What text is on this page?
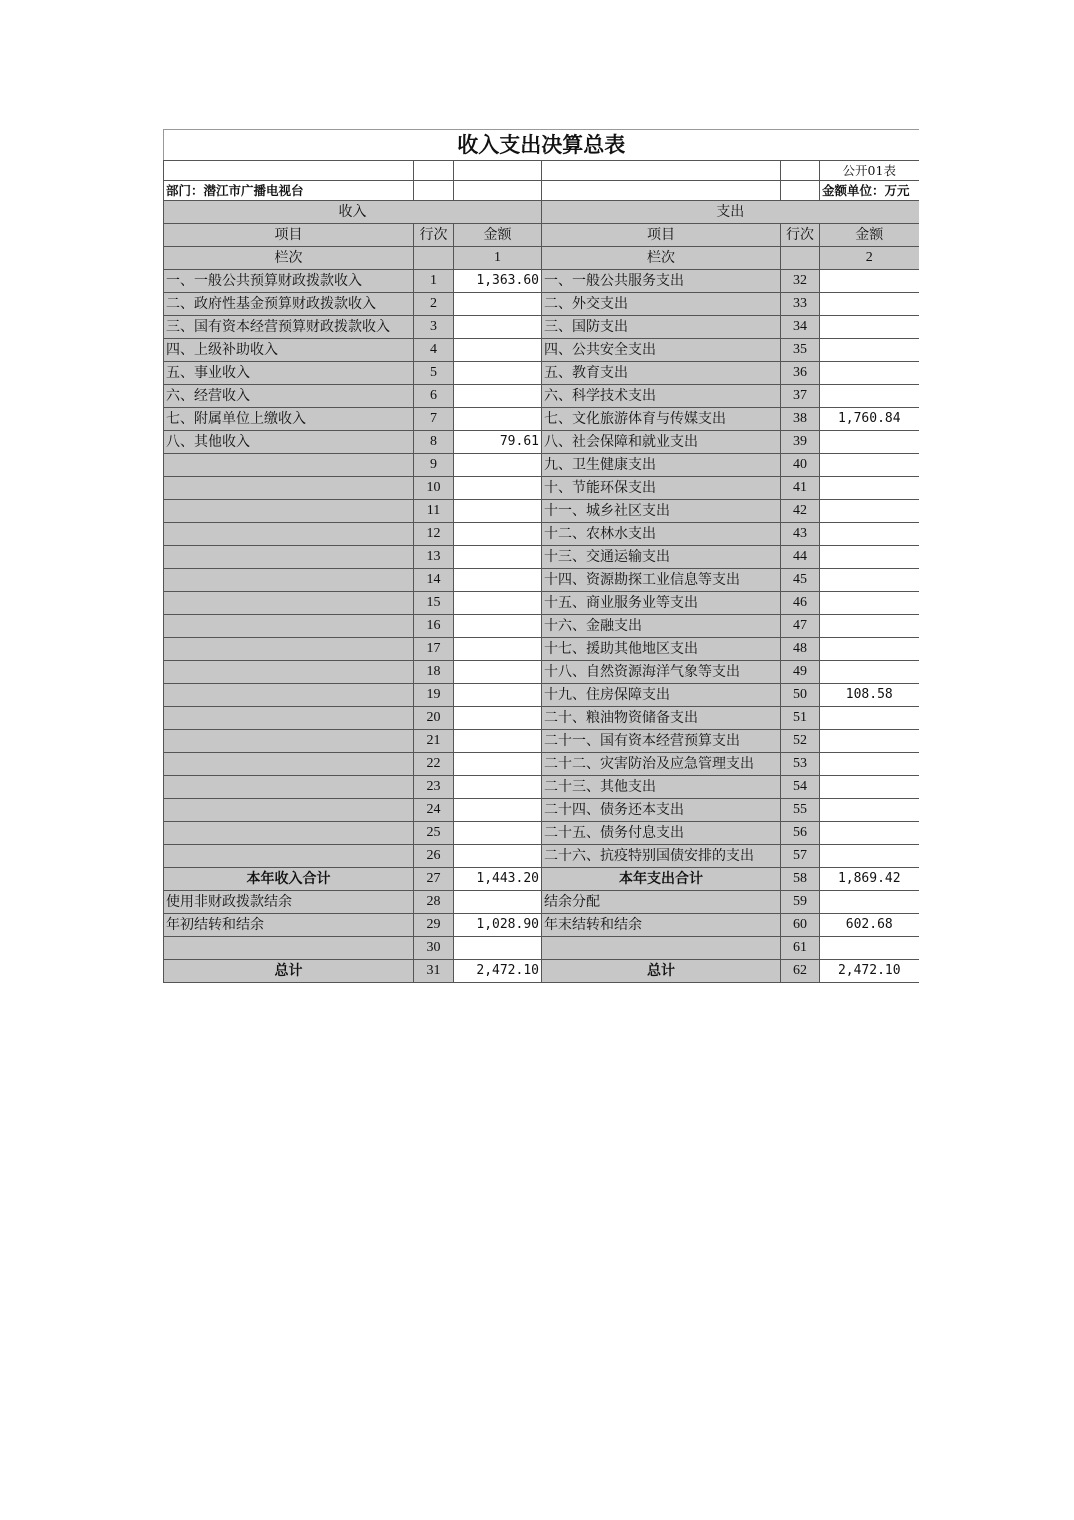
收入支出决算总表					
					公开01表
部门：潜江市广播电视台					金额单位：万元
收入			支出		
项目	行次	金额	项目	行次	金额
栏次		1	栏次		2
一、一般公共预算财政拨款收入	1	1,363.60	一、一般公共服务支出	32	
二、政府性基金预算财政拨款收入	2		二、外交支出	33	
三、国有资本经营预算财政拨款收入	3		三、国防支出	34	
四、上级补助收入	4		四、公共安全支出	35	
五、事业收入	5		五、教育支出	36	
六、经营收入	6		六、科学技术支出	37	
七、附属单位上缴收入	7		七、文化旅游体育与传媒支出	38	1,760.84
八、其他收入	8	79.61	八、社会保障和就业支出	39	
	9		九、卫生健康支出	40	
	10		十、节能环保支出	41	
	11		十一、城乡社区支出	42	
	12		十二、农林水支出	43	
	13		十三、交通运输支出	44	
	14		十四、资源勘探工业信息等支出	45	
	15		十五、商业服务业等支出	46	
	16		十六、金融支出	47	
	17		十七、援助其他地区支出	48	
	18		十八、自然资源海洋气象等支出	49	
	19		十九、住房保障支出	50	108.58
	20		二十、粮油物资储备支出	51	
	21		二十一、国有资本经营预算支出	52	
	22		二十二、灾害防治及应急管理支出	53	
	23		二十三、其他支出	54	
	24		二十四、债务还本支出	55	
	25		二十五、债务付息支出	56	
	26		二十六、抗疫特别国债安排的支出	57	
本年收入合计	27	1,443.20	本年支出合计	58	1,869.42
使用非财政拨款结余	28		结余分配	59	
年初结转和结余	29	1,028.90	年末结转和结余	60	602.68
	30			61	
总计	31	2,472.10	总计	62	2,472.10
